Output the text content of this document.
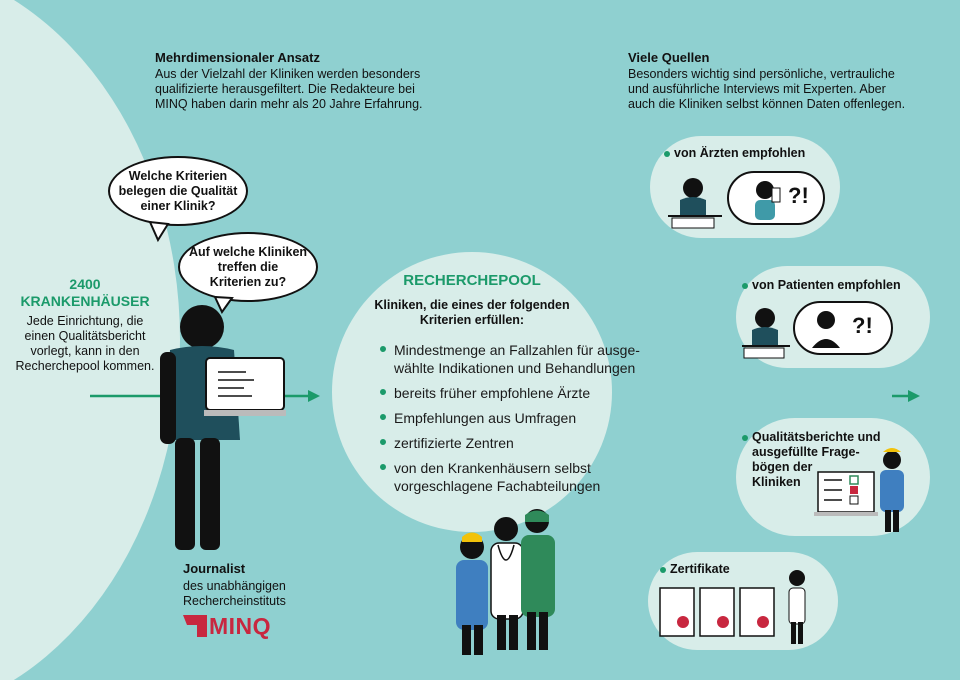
Mehrdimensionaler Ansatz
Aus der Vielzahl der Kliniken werden besonders
qualifizierte herausgefiltert. Die Redakteure bei
MINQ haben darin mehr als 20 Jahre Erfahrung.
Viele Quellen
Besonders wichtig sind persönliche, vertrauliche
und ausführliche Interviews mit Experten. Aber
auch die Kliniken selbst können Daten offenlegen.
2400
KRANKENHÄUSER
Jede Einrichtung, die
einen Qualitätsbericht
vorlegt, kann in den
Recherchepool kommen.
Welche Kriterien
belegen die Qualität
einer Klinik?
Auf welche Kliniken
treffen die
Kriterien zu?
Journalist
des unabhängigen
Rechercheinstituts
MINQ
RECHERCHEPOOL
Kliniken, die eines der folgenden
Kriterien erfüllen:
Mindestmenge an Fallzahlen für ausge-
wählte Indikationen und Behandlungen
bereits früher empfohlene Ärzte
Empfehlungen aus Umfragen
zertifizierte Zentren
von den Krankenhäusern selbst
vorgeschlagene Fachabteilungen
von Ärzten empfohlen
von Patienten empfohlen
Qualitätsberichte und
ausgefüllte Frage-
bögen der
Kliniken
Zertifikate
?!
?!
